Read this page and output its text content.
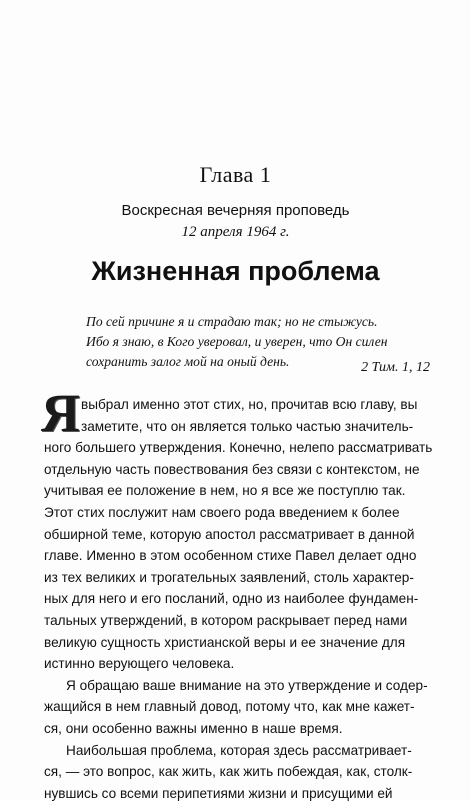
Глава 1
Воскресная вечерняя проповедь
12 апреля 1964 г.
Жизненная проблема
По сей причине я и страдаю так; но не стыжусь.
Ибо я знаю, в Кого уверовал, и уверен, что Он силен
сохранить залог мой на оный день.	2 Тим. 1, 12
Я выбрал именно этот стих, но, прочитав всю главу, вы
заметите, что он является только частью значитель-
ного большего утверждения. Конечно, нелепо рассматривать
отдельную часть повествования без связи с контекстом, не
учитывая ее положение в нем, но я все же поступлю так.
Этот стих послужит нам своего рода введением к более
обширной теме, которую апостол рассматривает в данной
главе. Именно в этом особенном стихе Павел делает одно
из тех великих и трогательных заявлений, столь характер-
ных для него и его посланий, одно из наиболее фундамен-
тальных утверждений, в котором раскрывает перед нами
великую сущность христианской веры и ее значение для
истинно верующего человека.
Я обращаю ваше внимание на это утверждение и содер-
жащийся в нем главный довод, потому что, как мне кажет-
ся, они особенно важны именно в наше время.
Наибольшая проблема, которая здесь рассматривает-
ся, — это вопрос, как жить, как жить побеждая, как, столк-
нувшись со всеми перипетиями жизни и присущими ей
